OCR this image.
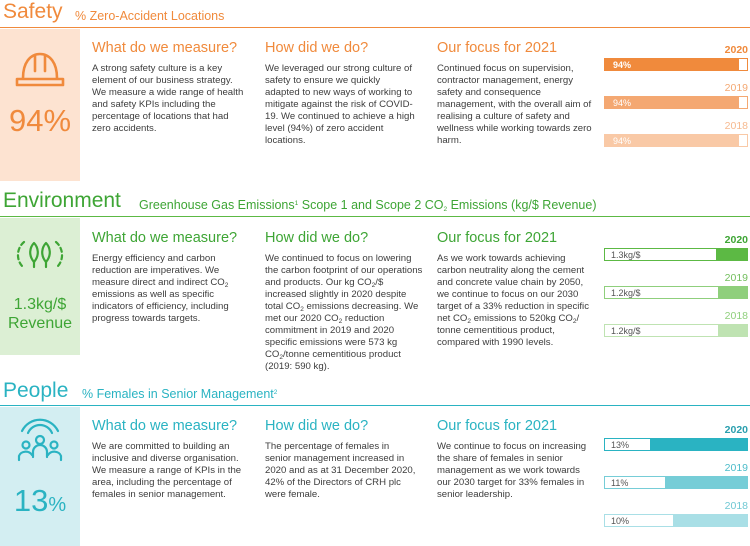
Safety % Zero-Accident Locations
94%
What do we measure?

A strong safety culture is a key element of our business strategy. We measure a wide range of health and safety KPIs including the percentage of locations that had zero accidents.

How did we do?

We leveraged our strong culture of safety to ensure we quickly adapted to new ways of working to mitigate against the risk of COVID-19. We continued to achieve a high level (94%) of zero accident locations.

Our focus for 2021

Continued focus on supervision, contractor management, energy safety and consequence management, with the overall aim of realising a culture of safety and wellness while working towards zero harm.

2020
94%
2019
94%
2018
94%
Environment Greenhouse Gas Emissions$^1$ Scope 1 and Scope 2 $CO_2$ Emissions (kg/$ Revenue)
1.3kg/$
Revenue
What do we measure?

Energy efficiency and carbon reduction are imperatives. We measure direct and indirect $CO_2$ emissions as well as specific indicators of efficiency, including progress towards targets.

How did we do?

We continued to focus on lowering the carbon footprint of our operations and products. Our kg $CO_2/\$$ increased slightly in 2020 despite total $CO_2$ emissions decreasing. We met our 2020 $CO_2$ reduction commitment in 2019 and 2020 specific emissions were 573 kg $CO_2$/tonne cementitious product (2019: 590 kg).

Our focus for 2021

As we work towards achieving carbon neutrality along the cement and concrete value chain by 2050, we continue to focus on our 2030 target of a 33% reduction in specific net $CO_2$ emissions to 520kg $CO_2/$ tonne cementitious product, compared with 1990 levels.

2020
1.3kg/$
2019
1.2kg/$
2018
1.2kg/$
People % Females in Senior Management$^2$
13%
What do we measure?

We are committed to building an inclusive and diverse organisation. We measure a range of KPIs in the area, including the percentage of females in senior management.

How did we do?

The percentage of females in senior management increased in 2020 and as at 31 December 2020, 42% of the Directors of CRH plc were female.

Our focus for 2021

We continue to focus on increasing the share of females in senior management as we work towards our 2030 target for 33% females in senior leadership.

2020
13%
2019
11%
2018
10%
